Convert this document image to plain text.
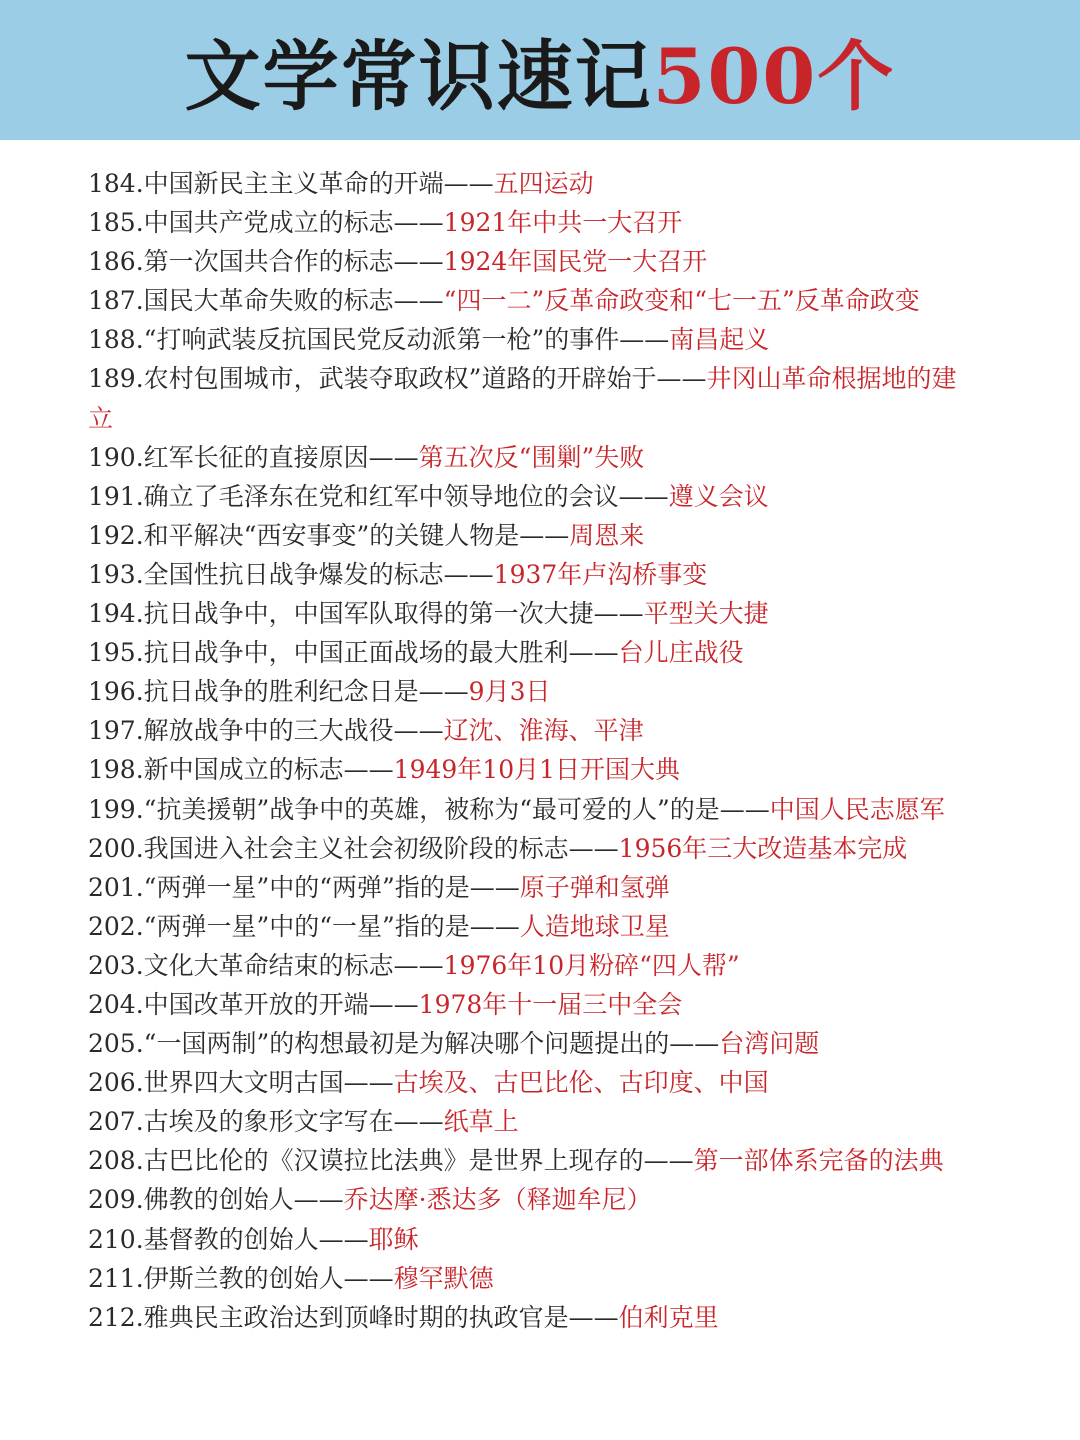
文学常识速记500个
184.中国新民主主义革命的开端——五四运动
185.中国共产党成立的标志——1921年中共一大召开
186.第一次国共合作的标志——1924年国民党一大召开
187.国民大革命失败的标志——“四一二”反革命政变和“七一五”反革命政变
188.“打响武装反抗国民党反动派第一枪”的事件——南昌起义
189.农村包围城市，武装夺取政权”道路的开辟始于——井冈山革命根据地的建立
190.红军长征的直接原因——第五次反“围剿”失败
191.确立了毛泽东在党和红军中领导地位的会议——遵义会议
192.和平解决“西安事变”的关键人物是——周恩来
193.全国性抗日战争爆发的标志——1937年卢沟桥事变
194.抗日战争中，中国军队取得的第一次大捷——平型关大捷
195.抗日战争中，中国正面战场的最大胜利——台儿庄战役
196.抗日战争的胜利纪念日是——9月3日
197.解放战争中的三大战役——辽沈、淮海、平津
198.新中国成立的标志——1949年10月1日开国大典
199.“抗美援朝”战争中的英雄，被称为“最可爱的人”的是——中国人民志愿军
200.我国进入社会主义社会初级阶段的标志——1956年三大改造基本完成
201.“两弹一星”中的“两弹”指的是——原子弹和氢弹
202.“两弹一星”中的“一星”指的是——人造地球卫星
203.文化大革命结束的标志——1976年10月粉碎“四人帮”
204.中国改革开放的开端——1978年十一届三中全会
205.“一国两制”的构想最初是为解决哪个问题提出的——台湾问题
206.世界四大文明古国——古埃及、古巴比伦、古印度、中国
207.古埃及的象形文字写在——纸草上
208.古巴比伦的《汉谟拉比法典》是世界上现存的——第一部体系完备的法典
209.佛教的创始人——乔达摩·悉达多（释迦牟尼）
210.基督教的创始人——耶稣
211.伊斯兰教的创始人——穆罕默德
212.雅典民主政治达到顶峰时期的执政官是——伯利克里
